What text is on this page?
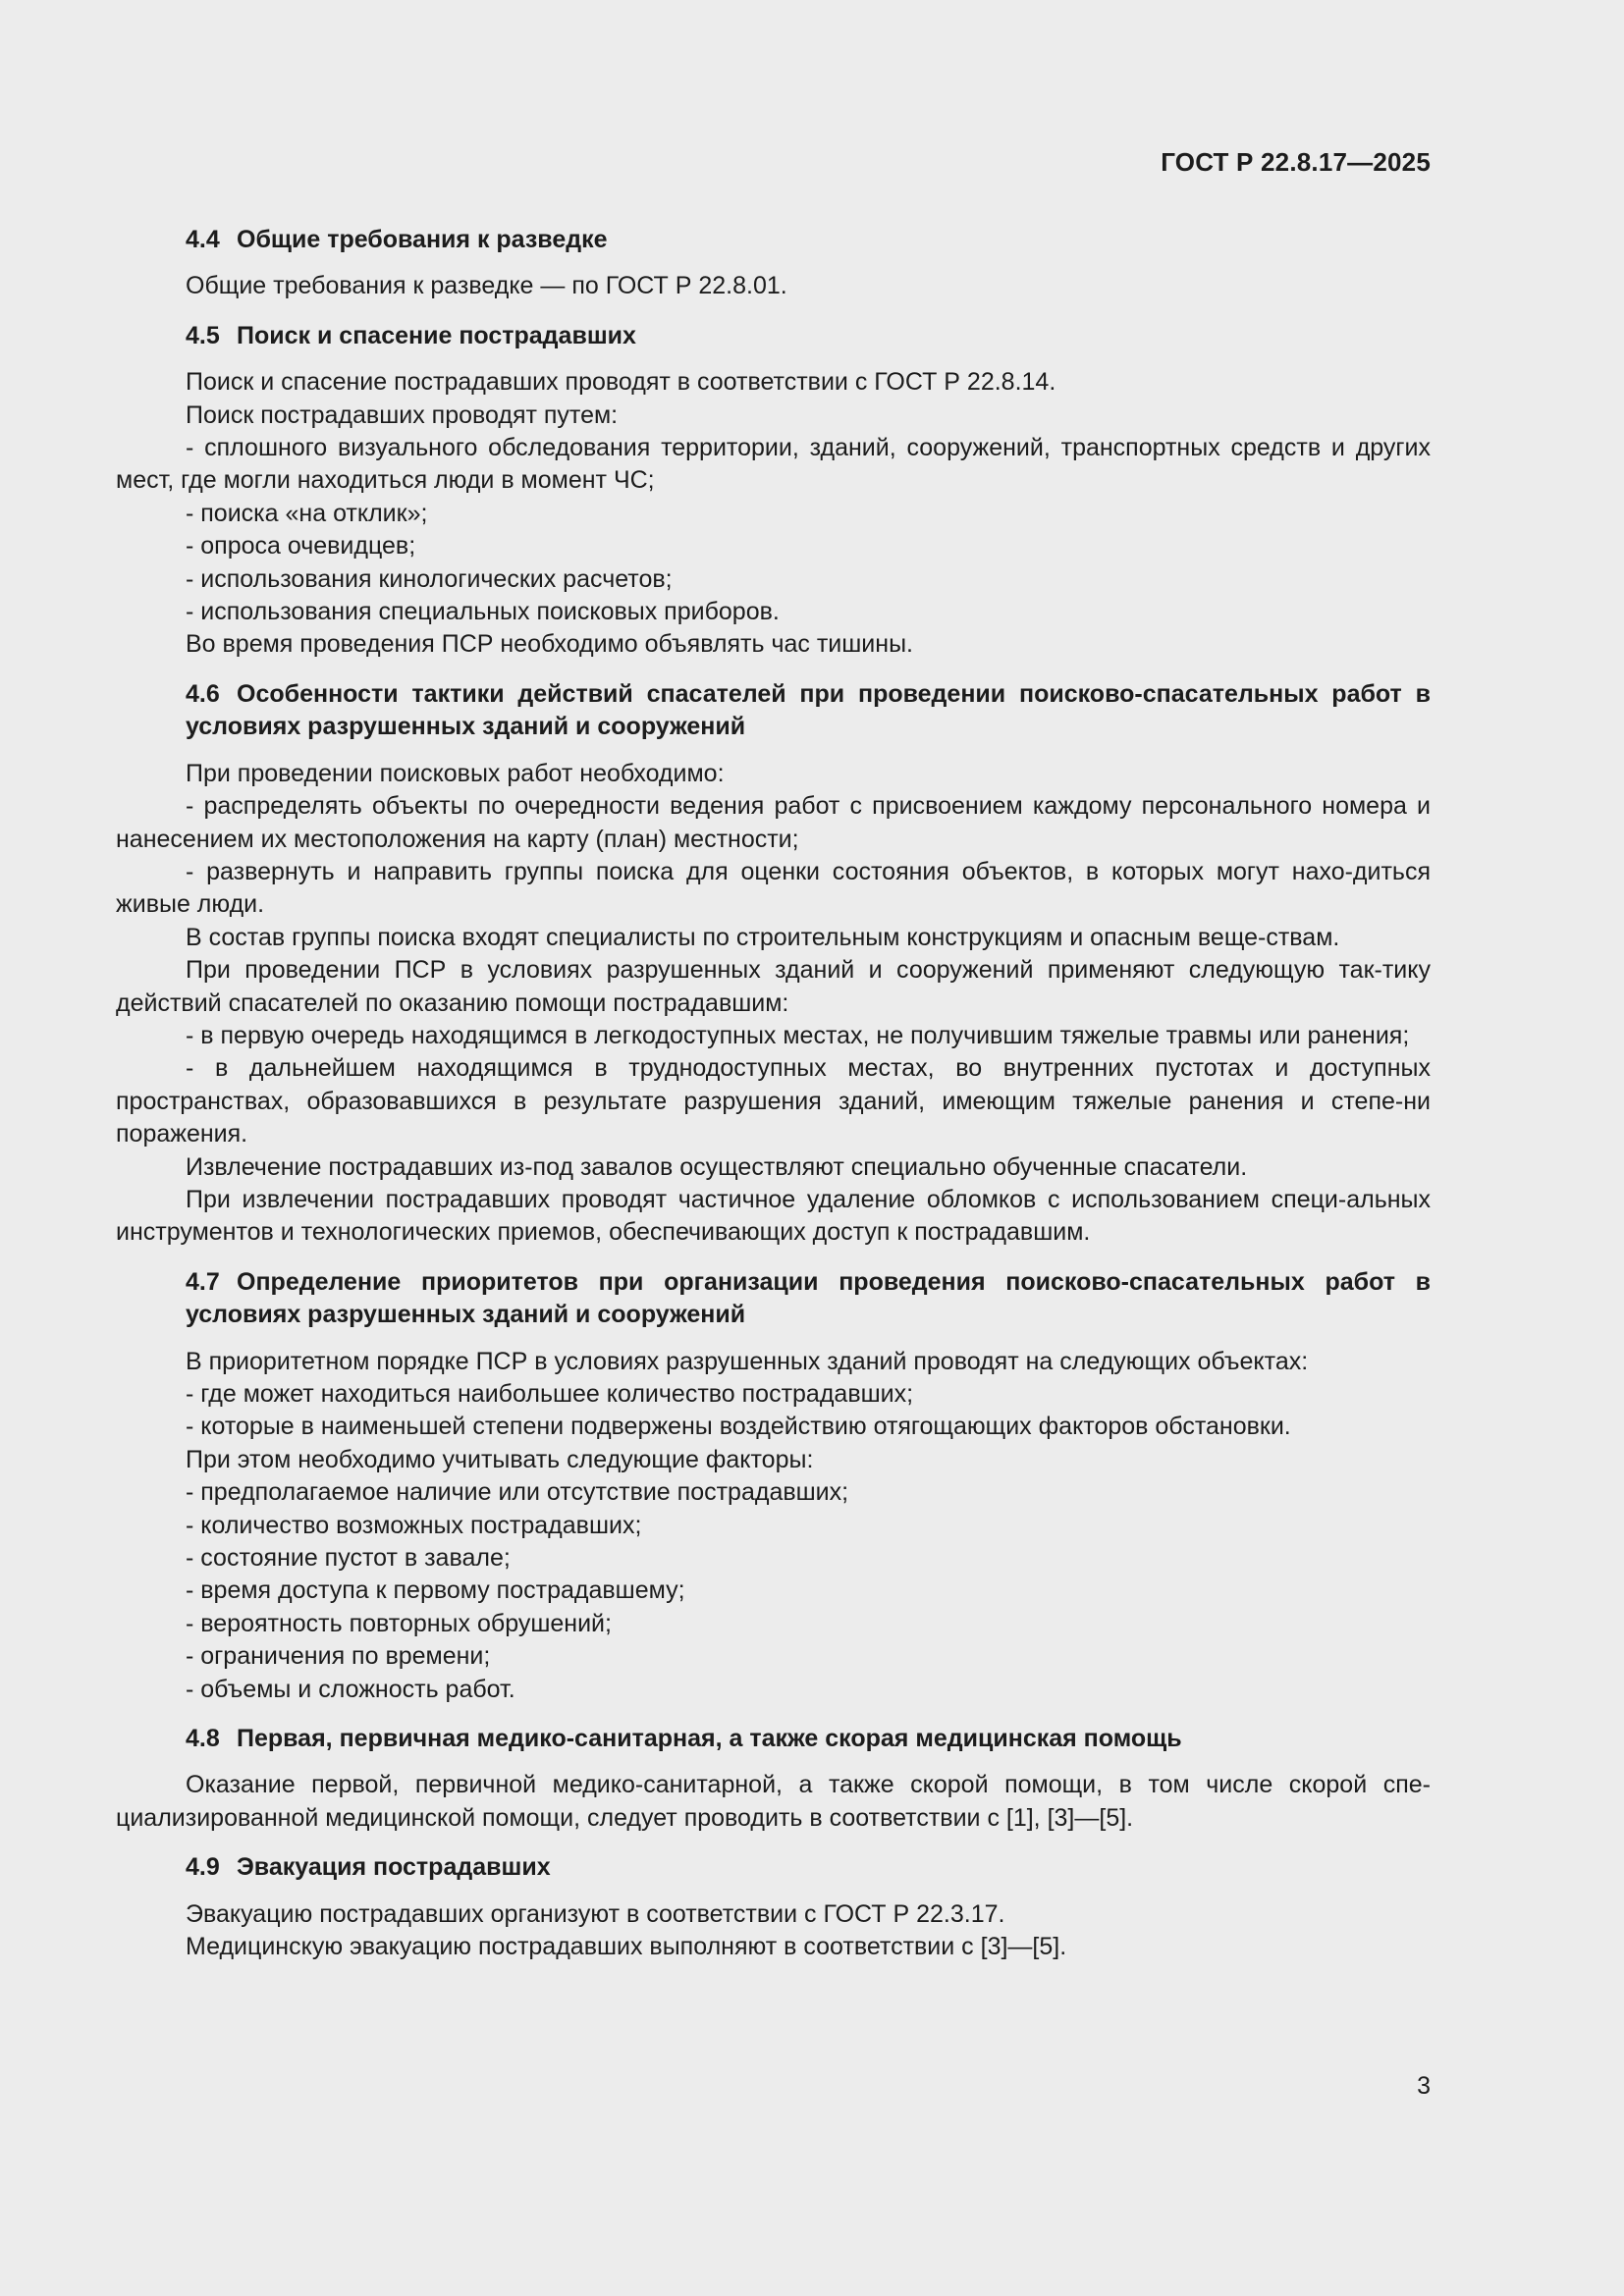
ГОСТ Р 22.8.17—2025

4.4 Общие требования к разведке

Общие требования к разведке — по ГОСТ Р 22.8.01.

4.5 Поиск и спасение пострадавших

Поиск и спасение пострадавших проводят в соответствии с ГОСТ Р 22.8.14.

Поиск пострадавших проводят путем:

- сплошного визуального обследования территории, зданий, сооружений, транспортных средств и других мест, где могли находиться люди в момент ЧС;

- поиска «на отклик»;

- опроса очевидцев;

- использования кинологических расчетов;

- использования специальных поисковых приборов.

Во время проведения ПСР необходимо объявлять час тишины.

4.6 Особенности тактики действий спасателей при проведении поисково-спасательных работ в условиях разрушенных зданий и сооружений

При проведении поисковых работ необходимо:

- распределять объекты по очередности ведения работ с присвоением каждому персонального номера и нанесением их местоположения на карту (план) местности;

- развернуть и направить группы поиска для оценки состояния объектов, в которых могут нахо-диться живые люди.

В состав группы поиска входят специалисты по строительным конструкциям и опасным веще-ствам.

При проведении ПСР в условиях разрушенных зданий и сооружений применяют следующую так-тику действий спасателей по оказанию помощи пострадавшим:

- в первую очередь находящимся в легкодоступных местах, не получившим тяжелые травмы или ранения;

- в дальнейшем находящимся в труднодоступных местах, во внутренних пустотах и доступных пространствах, образовавшихся в результате разрушения зданий, имеющим тяжелые ранения и степе-ни поражения.

Извлечение пострадавших из-под завалов осуществляют специально обученные спасатели.

При извлечении пострадавших проводят частичное удаление обломков с использованием специ-альных инструментов и технологических приемов, обеспечивающих доступ к пострадавшим.

4.7 Определение приоритетов при организации проведения поисково-спасательных работ в условиях разрушенных зданий и сооружений

В приоритетном порядке ПСР в условиях разрушенных зданий проводят на следующих объектах:

- где может находиться наибольшее количество пострадавших;

- которые в наименьшей степени подвержены воздействию отягощающих факторов обстановки.

При этом необходимо учитывать следующие факторы:

- предполагаемое наличие или отсутствие пострадавших;

- количество возможных пострадавших;

- состояние пустот в завале;

- время доступа к первому пострадавшему;

- вероятность повторных обрушений;

- ограничения по времени;

- объемы и сложность работ.

4.8 Первая, первичная медико-санитарная, а также скорая медицинская помощь

Оказание первой, первичной медико-санитарной, а также скорой помощи, в том числе скорой спе-циализированной медицинской помощи, следует проводить в соответствии с [1], [3]—[5].

4.9 Эвакуация пострадавших

Эвакуацию пострадавших организуют в соответствии с ГОСТ Р 22.3.17.

Медицинскую эвакуацию пострадавших выполняют в соответствии с [3]—[5].

3
